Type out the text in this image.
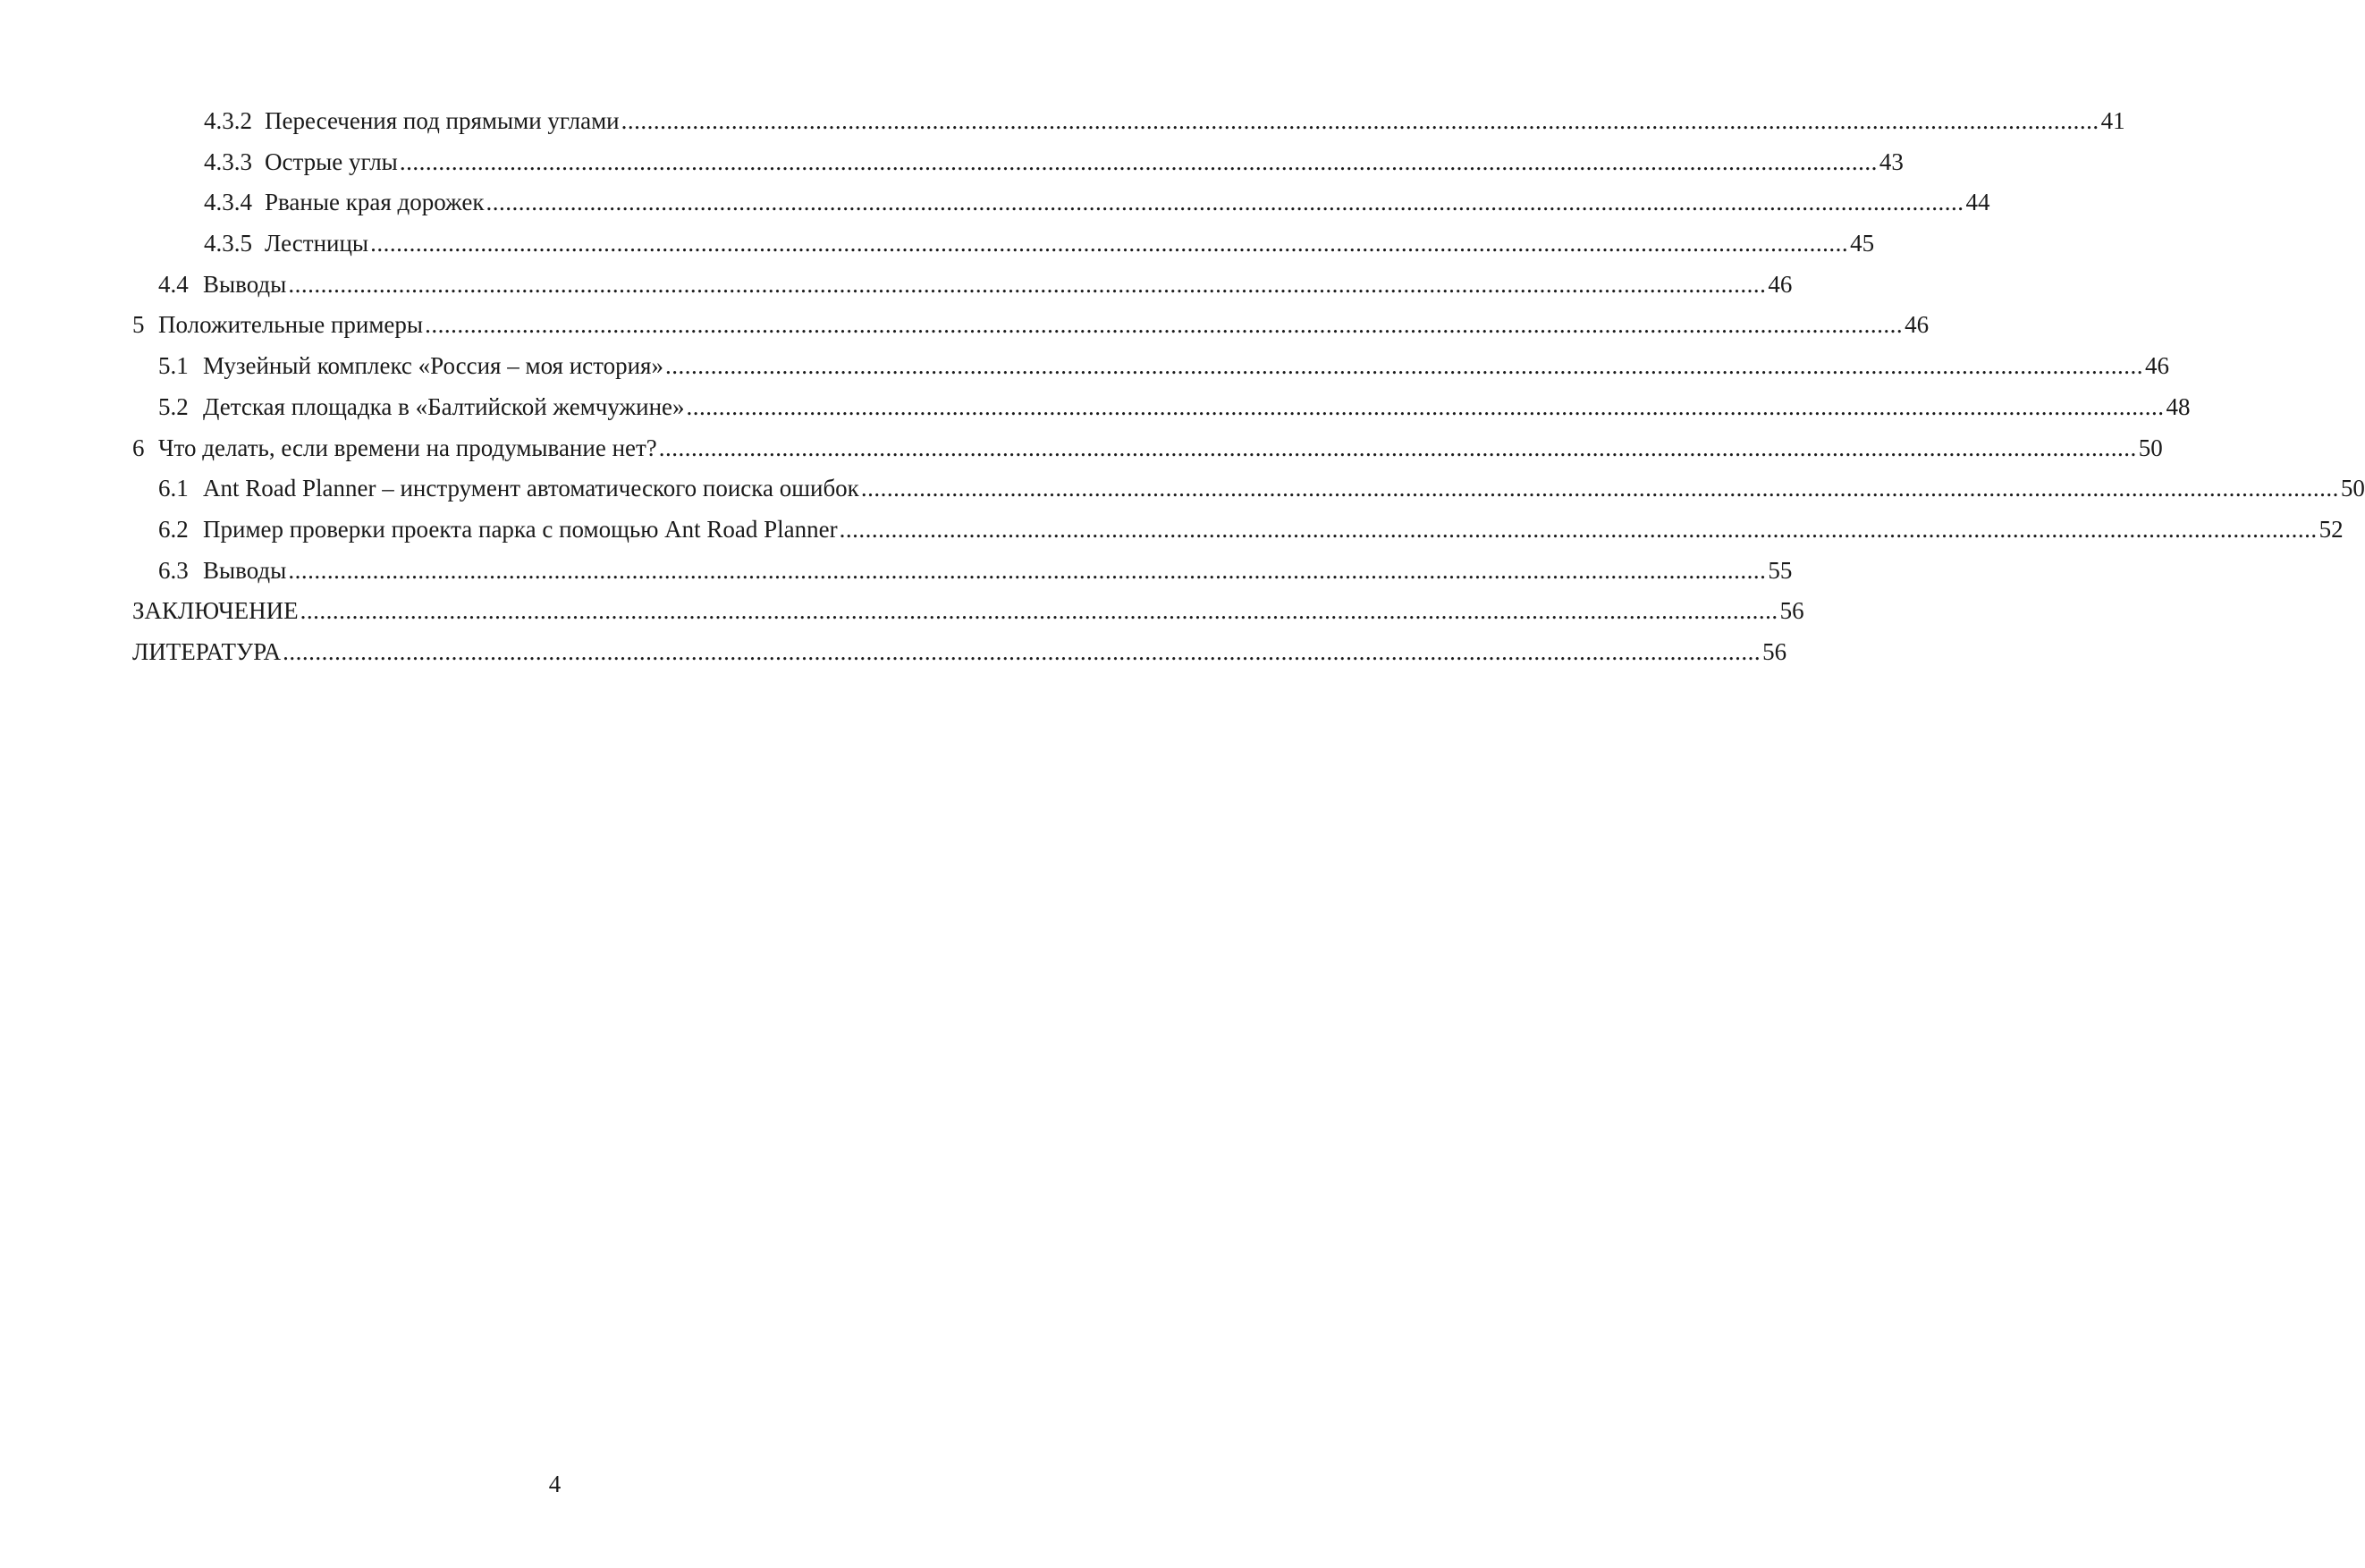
4.3.2 Пересечения под прямыми углами .....	41
4.3.3 Острые углы .....	43
4.3.4 Рваные края дорожек .....	44
4.3.5 Лестницы .....	45
4.4 Выводы .....	46
5 Положительные примеры .....	46
5.1 Музейный комплекс «Россия – моя история» .....	46
5.2 Детская площадка в «Балтийской жемчужине» .....	48
6 Что делать, если времени на продумывание нет? .....	50
6.1 Ant Road Planner – инструмент автоматического поиска ошибок .....	50
6.2 Пример проверки проекта парка с помощью Ant Road Planner .....	52
6.3 Выводы .....	55
ЗАКЛЮЧЕНИЕ .....	56
ЛИТЕРАТУРА .....	56
4
